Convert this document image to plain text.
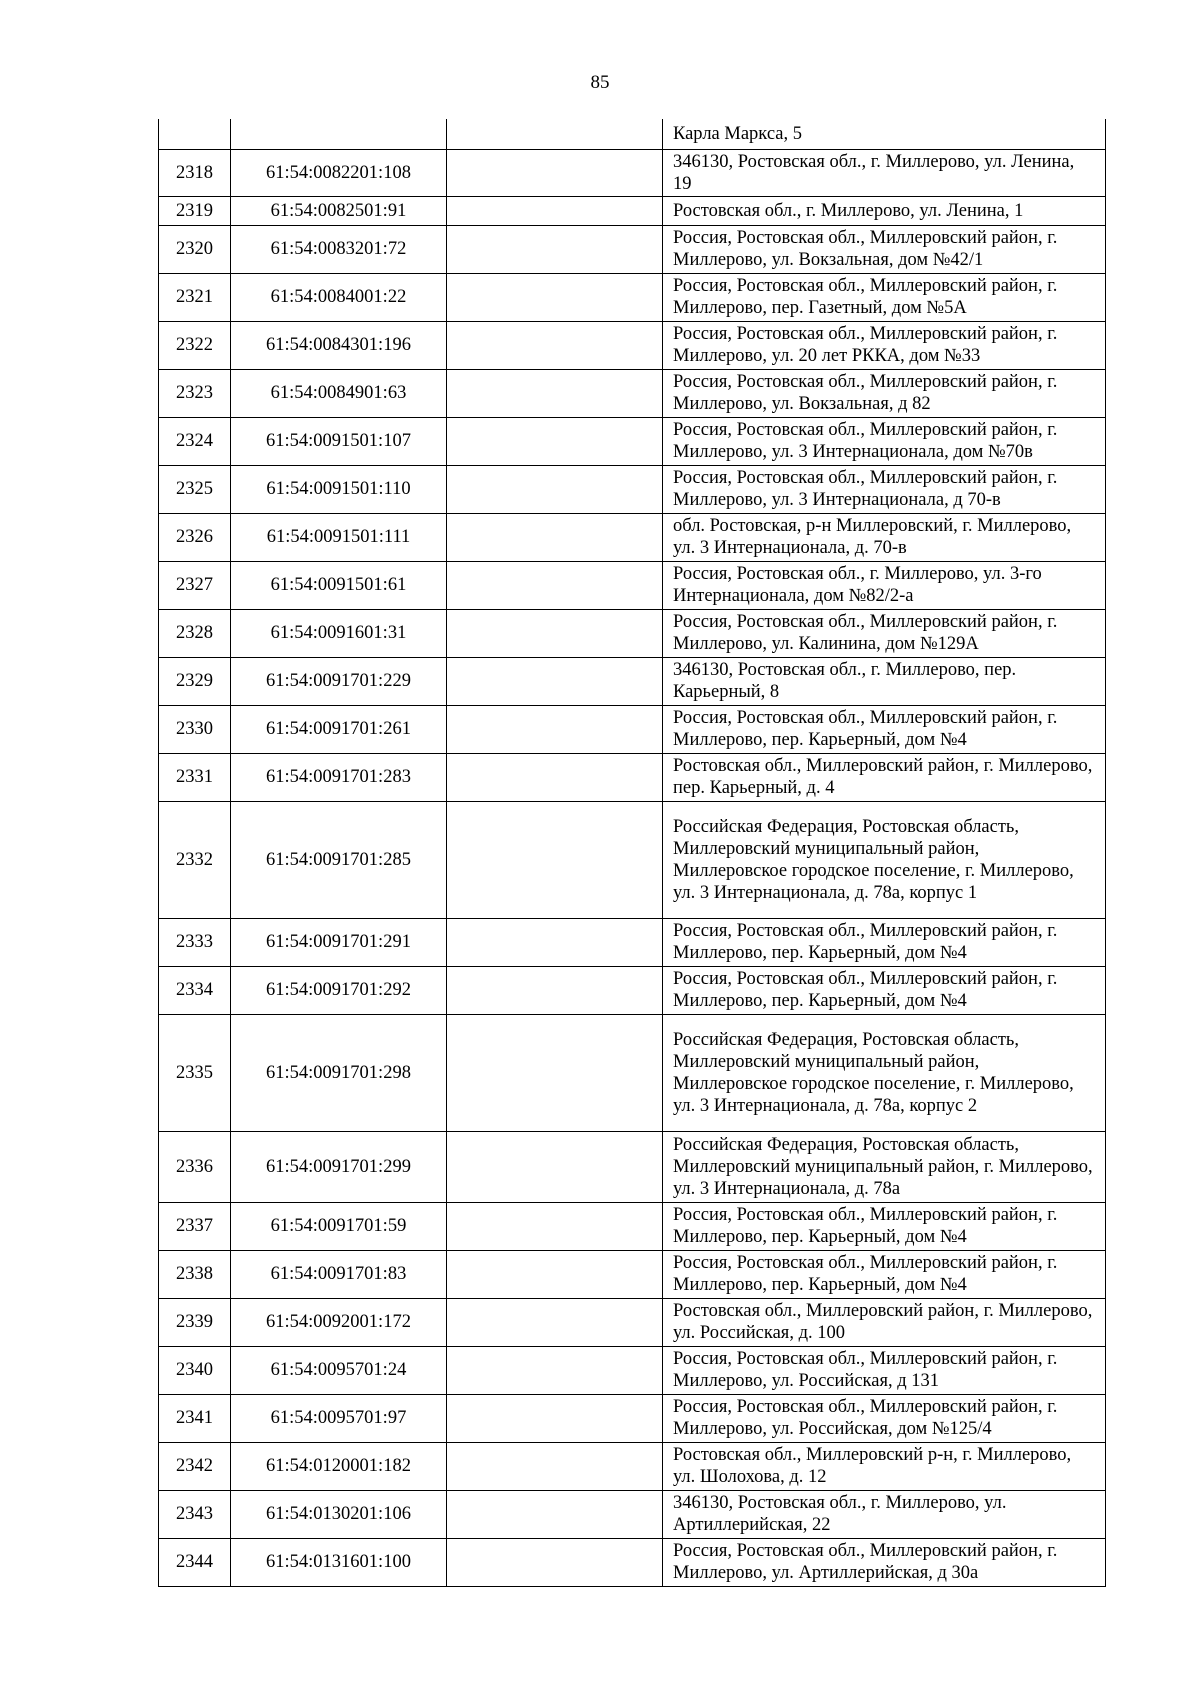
85
			Карла Маркса, 5
2318	61:54:0082201:108		346130, Ростовская обл., г. Миллерово, ул. Ленина, 19
2319	61:54:0082501:91		Ростовская обл., г. Миллерово, ул. Ленина, 1
2320	61:54:0083201:72		Россия, Ростовская обл., Миллеровский район, г. Миллерово, ул. Вокзальная, дом №42/1
2321	61:54:0084001:22		Россия, Ростовская обл., Миллеровский район, г. Миллерово, пер. Газетный, дом №5А
2322	61:54:0084301:196		Россия, Ростовская обл., Миллеровский район, г. Миллерово, ул. 20 лет РККА, дом №33
2323	61:54:0084901:63		Россия, Ростовская обл., Миллеровский район, г. Миллерово, ул. Вокзальная, д 82
2324	61:54:0091501:107		Россия, Ростовская обл., Миллеровский район, г. Миллерово, ул. 3 Интернационала, дом №70в
2325	61:54:0091501:110		Россия, Ростовская обл., Миллеровский район, г. Миллерово, ул. 3 Интернационала, д 70-в
2326	61:54:0091501:111		обл. Ростовская, р-н Миллеровский, г. Миллерово, ул. 3 Интернационала, д. 70-в
2327	61:54:0091501:61		Россия, Ростовская обл., г. Миллерово, ул. 3-го Интернационала, дом №82/2-а
2328	61:54:0091601:31		Россия, Ростовская обл., Миллеровский район, г. Миллерово, ул. Калинина, дом №129А
2329	61:54:0091701:229		346130, Ростовская обл., г. Миллерово, пер. Карьерный, 8
2330	61:54:0091701:261		Россия, Ростовская обл., Миллеровский район, г. Миллерово, пер. Карьерный, дом №4
2331	61:54:0091701:283		Ростовская обл., Миллеровский район, г. Миллерово, пер. Карьерный, д. 4
2332	61:54:0091701:285		Российская Федерация, Ростовская область, Миллеровский муниципальный район, Миллеровское городское поселение, г. Миллерово, ул. 3 Интернационала, д. 78а, корпус 1
2333	61:54:0091701:291		Россия, Ростовская обл., Миллеровский район, г. Миллерово, пер. Карьерный, дом №4
2334	61:54:0091701:292		Россия, Ростовская обл., Миллеровский район, г. Миллерово, пер. Карьерный, дом №4
2335	61:54:0091701:298		Российская Федерация, Ростовская область, Миллеровский муниципальный район, Миллеровское городское поселение, г. Миллерово, ул. 3 Интернационала, д. 78а, корпус 2
2336	61:54:0091701:299		Российская Федерация, Ростовская область, Миллеровский муниципальный район, г. Миллерово, ул. 3 Интернационала, д. 78а
2337	61:54:0091701:59		Россия, Ростовская обл., Миллеровский район, г. Миллерово, пер. Карьерный, дом №4
2338	61:54:0091701:83		Россия, Ростовская обл., Миллеровский район, г. Миллерово, пер. Карьерный, дом №4
2339	61:54:0092001:172		Ростовская обл., Миллеровский район, г. Миллерово, ул. Российская, д. 100
2340	61:54:0095701:24		Россия, Ростовская обл., Миллеровский район, г. Миллерово, ул. Российская, д 131
2341	61:54:0095701:97		Россия, Ростовская обл., Миллеровский район, г. Миллерово, ул. Российская, дом №125/4
2342	61:54:0120001:182		Ростовская обл., Миллеровский р-н, г. Миллерово, ул. Шолохова, д. 12
2343	61:54:0130201:106		346130, Ростовская обл., г. Миллерово, ул. Артиллерийская, 22
2344	61:54:0131601:100		Россия, Ростовская обл., Миллеровский район, г. Миллерово, ул. Артиллерийская, д 30а
